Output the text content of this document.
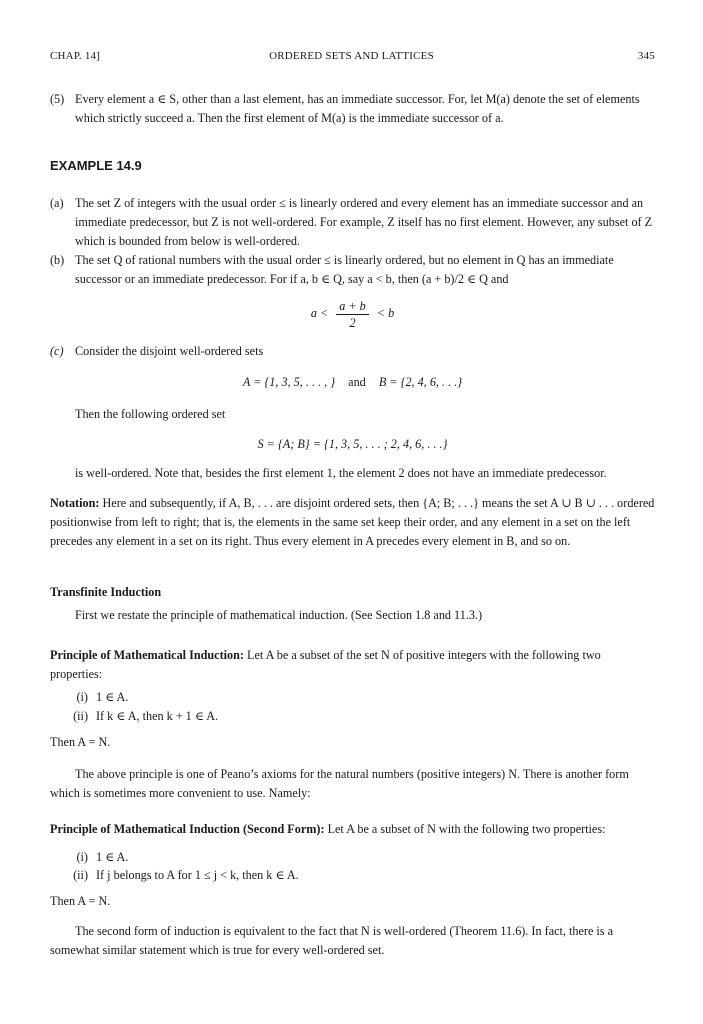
CHAP. 14]	ORDERED SETS AND LATTICES	345
(5) Every element a ∈ S, other than a last element, has an immediate successor. For, let M(a) denote the set of elements which strictly succeed a. Then the first element of M(a) is the immediate successor of a.
EXAMPLE 14.9
(a) The set Z of integers with the usual order ≤ is linearly ordered and every element has an immediate successor and an immediate predecessor, but Z is not well-ordered. For example, Z itself has no first element. However, any subset of Z which is bounded from below is well-ordered.
(b) The set Q of rational numbers with the usual order ≤ is linearly ordered, but no element in Q has an immediate successor or an immediate predecessor. For if a, b ∈ Q, say a < b, then (a + b)/2 ∈ Q and
$a < \frac{a + b}{2} < b$
(c) Consider the disjoint well-ordered sets
A = {1, 3, 5, . . . , } and B = {2, 4, 6, . . .}
Then the following ordered set
S = {A; B} = {1, 3, 5, . . . ; 2, 4, 6, . . .}
is well-ordered. Note that, besides the first element 1, the element 2 does not have an immediate predecessor.
Notation: Here and subsequently, if A, B, . . . are disjoint ordered sets, then {A; B; . . .} means the set A ∪ B ∪ . . . ordered positionwise from left to right; that is, the elements in the same set keep their order, and any element in a set on the left precedes any element in a set on its right. Thus every element in A precedes every element in B, and so on.
Transfinite Induction
First we restate the principle of mathematical induction. (See Section 1.8 and 11.3.)
Principle of Mathematical Induction: Let A be a subset of the set N of positive integers with the following two properties:
(i) 1 ∈ A.
(ii) If k ∈ A, then k + 1 ∈ A.
Then A = N.
The above principle is one of Peano’s axioms for the natural numbers (positive integers) N. There is another form which is sometimes more convenient to use. Namely:
Principle of Mathematical Induction (Second Form): Let A be a subset of N with the following two properties:
(i) 1 ∈ A.
(ii) If j belongs to A for 1 ≤ j < k, then k ∈ A.
Then A = N.
The second form of induction is equivalent to the fact that N is well-ordered (Theorem 11.6). In fact, there is a somewhat similar statement which is true for every well-ordered set.
